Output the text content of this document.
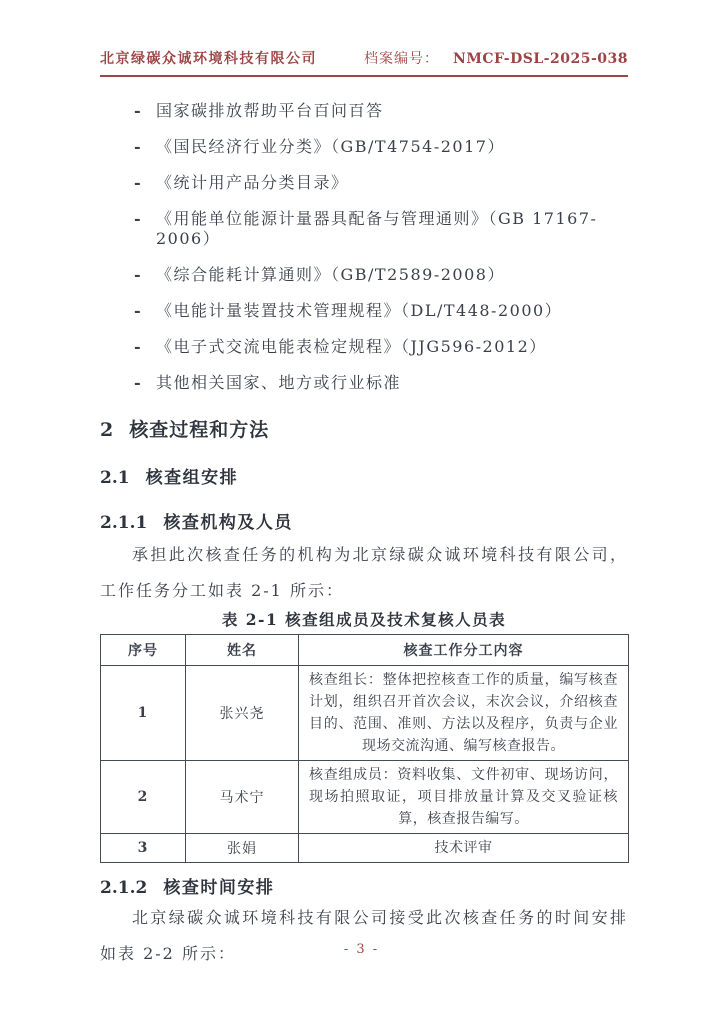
北京绿碳众诚环境科技有限公司	档案编号： NMCF-DSL-2025-038
- 国家碳排放帮助平台百问百答
- 《国民经济行业分类》（GB/T4754-2017）
- 《统计用产品分类目录》
- 《用能单位能源计量器具配备与管理通则》（GB 17167-2006）
- 《综合能耗计算通则》（GB/T2589-2008）
- 《电能计量装置技术管理规程》（DL/T448-2000）
- 《电子式交流电能表检定规程》（JJG596-2012）
- 其他相关国家、地方或行业标准
2 核查过程和方法
2.1 核查组安排
2.1.1 核查机构及人员
承担此次核查任务的机构为北京绿碳众诚环境科技有限公司，工作任务分工如表 2-1 所示：
表 2-1 核查组成员及技术复核人员表
序号	姓名	核查工作分工内容
1	张兴尧	核查组长：整体把控核查工作的质量，编写核查计划，组织召开首次会议，末次会议，介绍核查目的、范围、准则、方法以及程序，负责与企业现场交流沟通、编写核查报告。
2	马术宁	核查组成员：资料收集、文件初审、现场访问，现场拍照取证，项目排放量计算及交叉验证核算，核查报告编写。
3	张娟	技术评审
2.1.2 核查时间安排
北京绿碳众诚环境科技有限公司接受此次核查任务的时间安排如表 2-2 所示：	- 3 -
